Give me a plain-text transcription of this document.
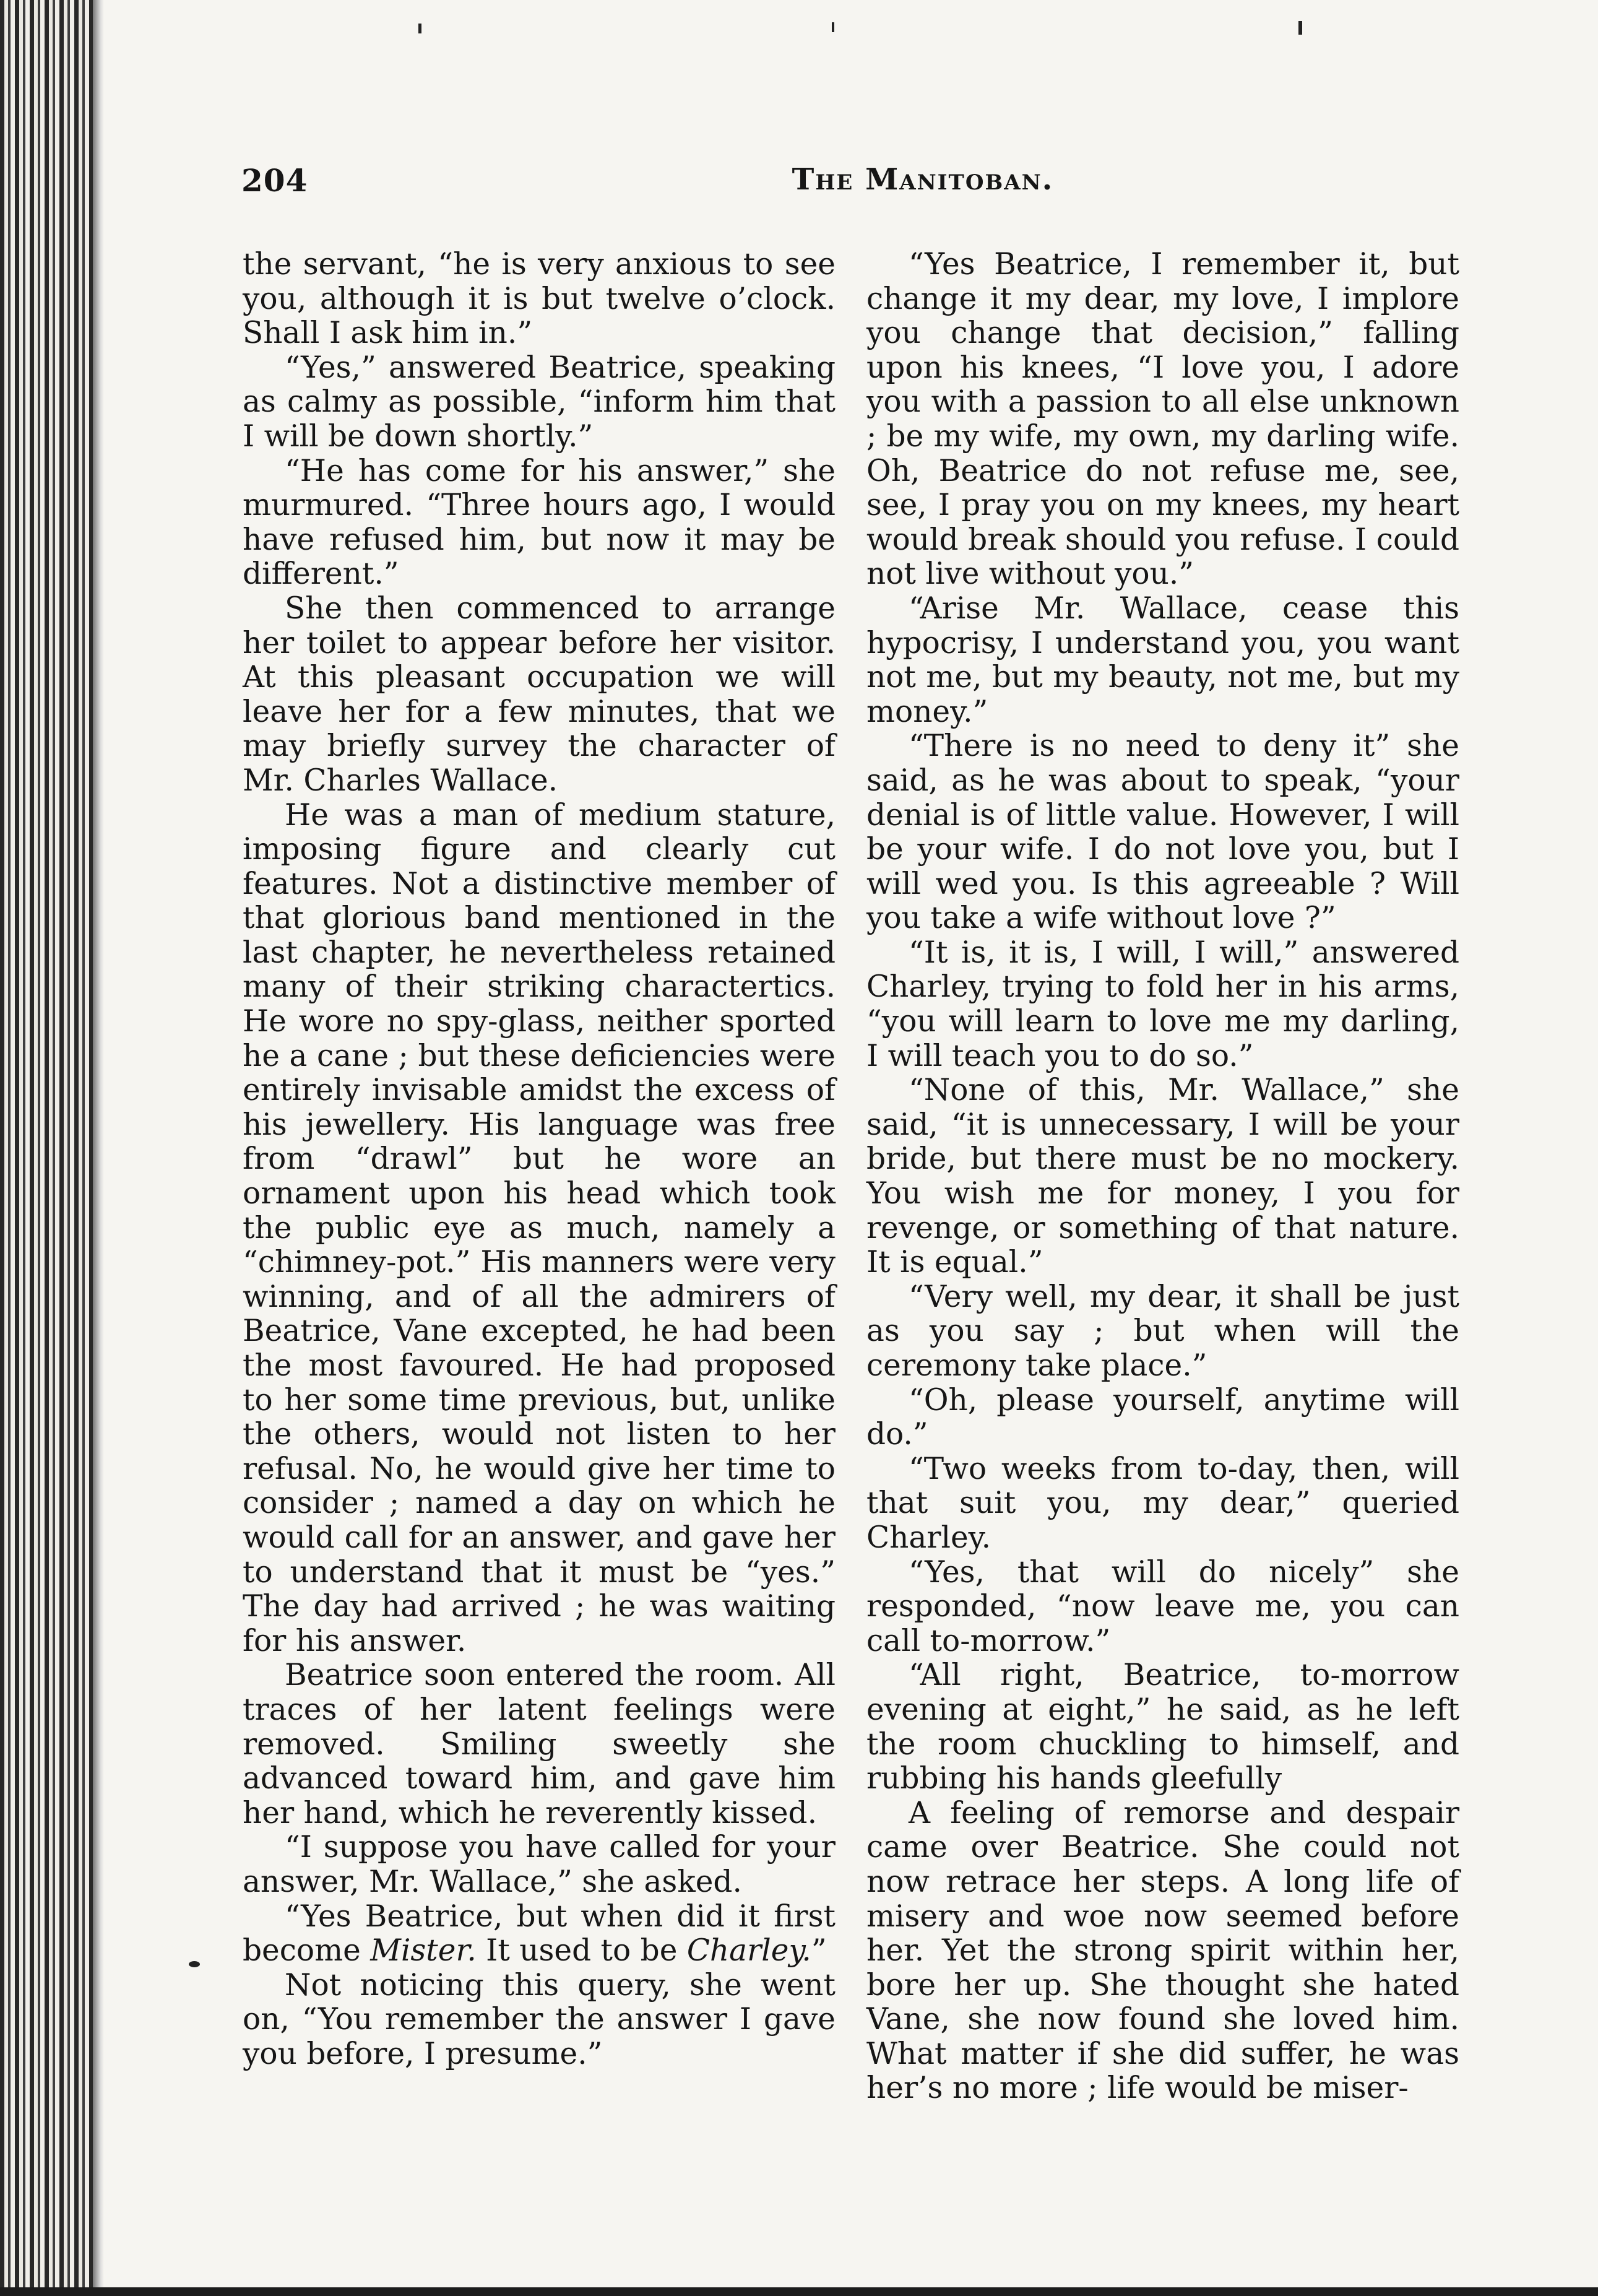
204	The Manitoban.

the servant, “he is very anxious to see you, although it is but twelve o’clock. Shall I ask him in.”

“Yes,” answered Beatrice, speaking as calmy as possible, “inform him that I will be down shortly.”

“He has come for his answer,” she murmured. “Three hours ago, I would have refused him, but now it may be different.”

She then commenced to arrange her toilet to appear before her visitor. At this pleasant occupation we will leave her for a few minutes, that we may briefly survey the character of Mr. Charles Wallace.

He was a man of medium stature, imposing figure and clearly cut features. Not a distinctive member of that glorious band mentioned in the last chapter, he nevertheless retained many of their striking charactertics. He wore no spy-glass, neither sported he a cane ; but these deficiencies were entirely invisable amidst the excess of his jewellery. His language was free from “drawl” but he wore an ornament upon his head which took the public eye as much, namely a “chimney-pot.” His manners were very winning, and of all the admirers of Beatrice, Vane excepted, he had been the most favoured. He had proposed to her some time previous, but, unlike the others, would not listen to her refusal. No, he would give her time to consider ; named a day on which he would call for an answer, and gave her to understand that it must be “yes.” The day had arrived ; he was waiting for his answer.

Beatrice soon entered the room. All traces of her latent feelings were removed. Smiling sweetly she advanced toward him, and gave him her hand, which he reverently kissed.

“I suppose you have called for your answer, Mr. Wallace,” she asked.

“Yes Beatrice, but when did it first become Mister. It used to be Charley.”

Not noticing this query, she went on, “You remember the answer I gave you before, I presume.”

“Yes Beatrice, I remember it, but change it my dear, my love, I implore you change that decision,” falling upon his knees, “I love you, I adore you with a passion to all else unknown ; be my wife, my own, my darling wife. Oh, Beatrice do not refuse me, see, see, I pray you on my knees, my heart would break should you refuse. I could not live without you.”

“Arise Mr. Wallace, cease this hypocrisy, I understand you, you want not me, but my beauty, not me, but my money.”

“There is no need to deny it” she said, as he was about to speak, “your denial is of little value. However, I will be your wife. I do not love you, but I will wed you. Is this agreeable ? Will you take a wife without love ?”

“It is, it is, I will, I will,” answered Charley, trying to fold her in his arms, “you will learn to love me my darling, I will teach you to do so.”

“None of this, Mr. Wallace,” she said, “it is unnecessary, I will be your bride, but there must be no mockery. You wish me for money, I you for revenge, or something of that nature. It is equal.”

“Very well, my dear, it shall be just as you say ; but when will the ceremony take place.”

“Oh, please yourself, anytime will do.”

“Two weeks from to-day, then, will that suit you, my dear,” queried Charley.

“Yes, that will do nicely” she responded, “now leave me, you can call to-morrow.”

“All right, Beatrice, to-morrow evening at eight,” he said, as he left the room chuckling to himself, and rubbing his hands gleefully

A feeling of remorse and despair came over Beatrice. She could not now retrace her steps. A long life of misery and woe now seemed before her. Yet the strong spirit within her, bore her up. She thought she hated Vane, she now found she loved him. What matter if she did suffer, he was her’s no more ; life would be miser-
